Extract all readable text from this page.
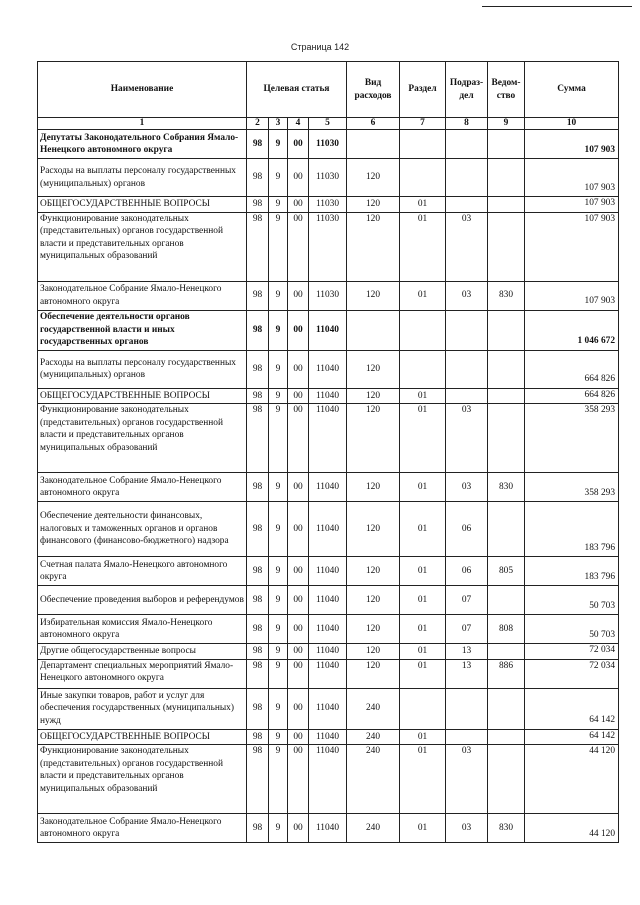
Страница 142
Наименование	Целевая статья				Вид расходов	Раздел	Подраз-дел	Ведом-ство	Сумма
1	2	3	4	5	6	7	8	9	10
Депутаты Законодательного Собрания Ямало-Ненецкого автономного округа	98	9	00	11030					107 903
Расходы на выплаты персоналу государственных (муниципальных) органов	98	9	00	11030	120				107 903
ОБЩЕГОСУДАРСТВЕННЫЕ ВОПРОСЫ	98	9	00	11030	120	01			107 903
Функционирование законодательных (представительных) органов государственной власти и представительных органов муниципальных образований	98	9	00	11030	120	01	03		107 903
Законодательное Собрание Ямало-Ненецкого автономного округа	98	9	00	11030	120	01	03	830	107 903
Обеспечение деятельности органов государственной власти и иных государственных органов	98	9	00	11040					1 046 672
Расходы на выплаты персоналу государственных (муниципальных) органов	98	9	00	11040	120				664 826
ОБЩЕГОСУДАРСТВЕННЫЕ ВОПРОСЫ	98	9	00	11040	120	01			664 826
Функционирование законодательных (представительных) органов государственной власти и представительных органов муниципальных образований	98	9	00	11040	120	01	03		358 293
Законодательное Собрание Ямало-Ненецкого автономного округа	98	9	00	11040	120	01	03	830	358 293
Обеспечение деятельности финансовых, налоговых и таможенных органов и органов финансового (финансово-бюджетного) надзора	98	9	00	11040	120	01	06		183 796
Счетная палата Ямало-Ненецкого автономного округа	98	9	00	11040	120	01	06	805	183 796
Обеспечение проведения выборов и референдумов	98	9	00	11040	120	01	07		50 703
Избирательная комиссия Ямало-Ненецкого автономного округа	98	9	00	11040	120	01	07	808	50 703
Другие общегосударственные вопросы	98	9	00	11040	120	01	13		72 034
Департамент специальных мероприятий Ямало-Ненецкого автономного округа	98	9	00	11040	120	01	13	886	72 034
Иные закупки товаров, работ и услуг для обеспечения государственных (муниципальных) нужд	98	9	00	11040	240				64 142
ОБЩЕГОСУДАРСТВЕННЫЕ ВОПРОСЫ	98	9	00	11040	240	01			64 142
Функционирование законодательных (представительных) органов государственной власти и представительных органов муниципальных образований	98	9	00	11040	240	01	03		44 120
Законодательное Собрание Ямало-Ненецкого автономного округа	98	9	00	11040	240	01	03	830	44 120
